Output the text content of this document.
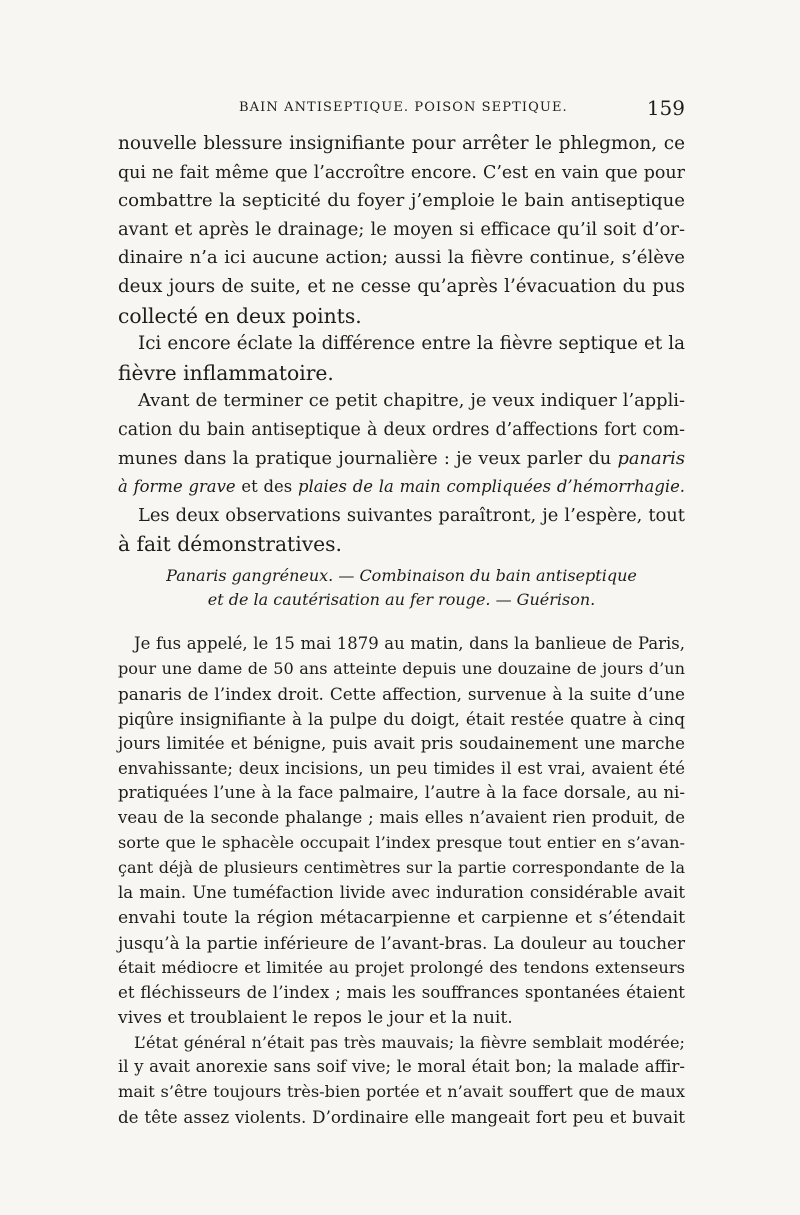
BAIN ANTISEPTIQUE. POISON SEPTIQUE.	159
nouvelle blessure insignifiante pour arrêter le phlegmon, ce
qui ne fait même que l’accroître encore. C’est en vain que pour
combattre la septicité du foyer j’emploie le bain antiseptique
avant et après le drainage; le moyen si efficace qu’il soit d’or-
dinaire n’a ici aucune action; aussi la fièvre continue, s’élève
deux jours de suite, et ne cesse qu’après l’évacuation du pus
collecté en deux points.
Ici encore éclate la différence entre la fièvre septique et la
fièvre inflammatoire.
Avant de terminer ce petit chapitre, je veux indiquer l’appli-
cation du bain antiseptique à deux ordres d’affections fort com-
munes dans la pratique journalière : je veux parler du panaris
à forme grave et des plaies de la main compliquées d’hémorrhagie.
Les deux observations suivantes paraîtront, je l’espère, tout
à fait démonstratives.
Panaris gangréneux. — Combinaison du bain antiseptique
et de la cautérisation au fer rouge. — Guérison.
Je fus appelé, le 15 mai 1879 au matin, dans la banlieue de Paris,
pour une dame de 50 ans atteinte depuis une douzaine de jours d’un
panaris de l’index droit. Cette affection, survenue à la suite d’une
piqûre insignifiante à la pulpe du doigt, était restée quatre à cinq
jours limitée et bénigne, puis avait pris soudainement une marche
envahissante; deux incisions, un peu timides il est vrai, avaient été
pratiquées l’une à la face palmaire, l’autre à la face dorsale, au ni-
veau de la seconde phalange ; mais elles n’avaient rien produit, de
sorte que le sphacèle occupait l’index presque tout entier en s’avan-
çant déjà de plusieurs centimètres sur la partie correspondante de la
la main. Une tuméfaction livide avec induration considérable avait
envahi toute la région métacarpienne et carpienne et s’étendait
jusqu’à la partie inférieure de l’avant-bras. La douleur au toucher
était médiocre et limitée au projet prolongé des tendons extenseurs
et fléchisseurs de l’index ; mais les souffrances spontanées étaient
vives et troublaient le repos le jour et la nuit.
L’état général n’était pas très mauvais; la fièvre semblait modérée;
il y avait anorexie sans soif vive; le moral était bon; la malade affir-
mait s’être toujours très-bien portée et n’avait souffert que de maux
de tête assez violents. D’ordinaire elle mangeait fort peu et buvait
